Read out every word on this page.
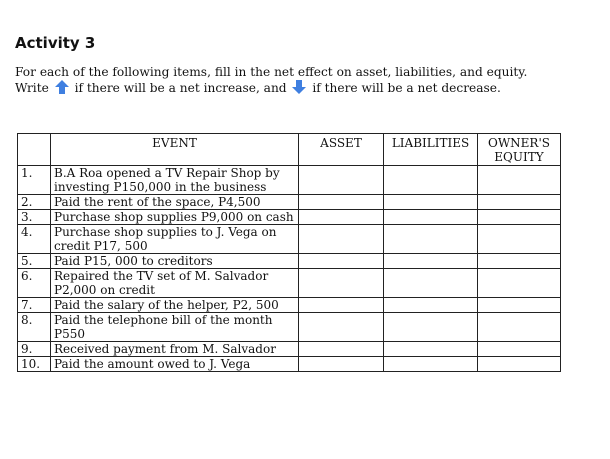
Activity 3

For each of the following items, fill in the net effect on asset, liabilities, and equity.
Write if there will be a net increase, and if there will be a net decrease.

	EVENT	ASSET	LIABILITIES	OWNER'S EQUITY
1.	B.A Roa opened a TV Repair Shop by investing P150,000 in the business			
2.	Paid the rent of the space, P4,500			
3.	Purchase shop supplies P9,000 on cash			
4.	Purchase shop supplies to J. Vega on credit P17, 500			
5.	Paid P15, 000 to creditors			
6.	Repaired the TV set of M. Salvador P2,000 on credit			
7.	Paid the salary of the helper, P2, 500			
8.	Paid the telephone bill of the month P550			
9.	Received payment from M. Salvador			
10.	Paid the amount owed to J. Vega			
